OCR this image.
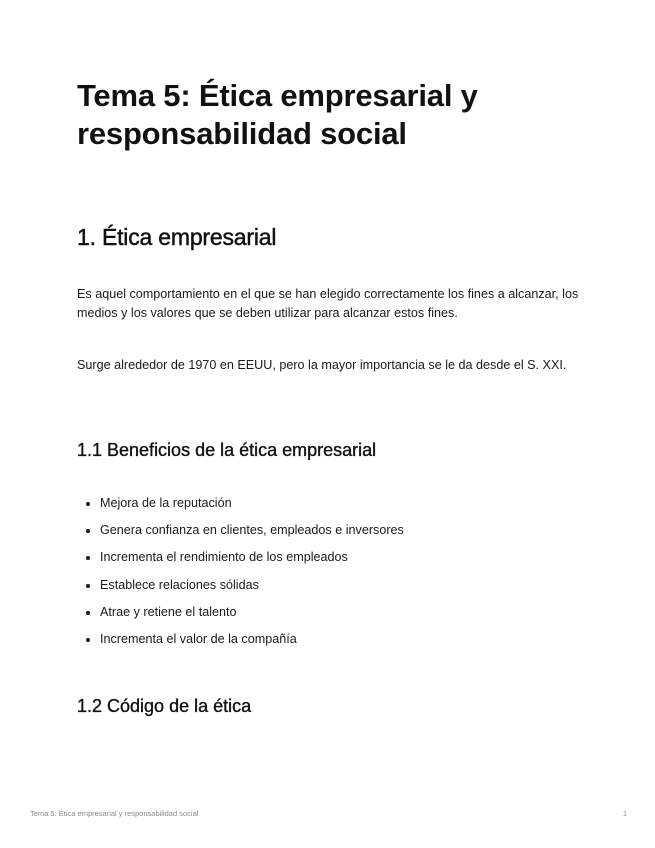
Tema 5: Ética empresarial y responsabilidad social
1. Ética empresarial

Es aquel comportamiento en el que se han elegido correctamente los fines a alcanzar, los medios y los valores que se deben utilizar para alcanzar estos fines.

Surge alrededor de 1970 en EEUU, pero la mayor importancia se le da desde el S. XXI.

1.1 Beneficios de la ética empresarial
Mejora de la reputación
Genera confianza en clientes, empleados e inversores
Incrementa el rendimiento de los empleados
Establece relaciones sólidas
Atrae y retiene el talento
Incrementa el valor de la compañía
1.2 Código de la ética
Tema 5: Ética empresarial y responsabilidad social	1
